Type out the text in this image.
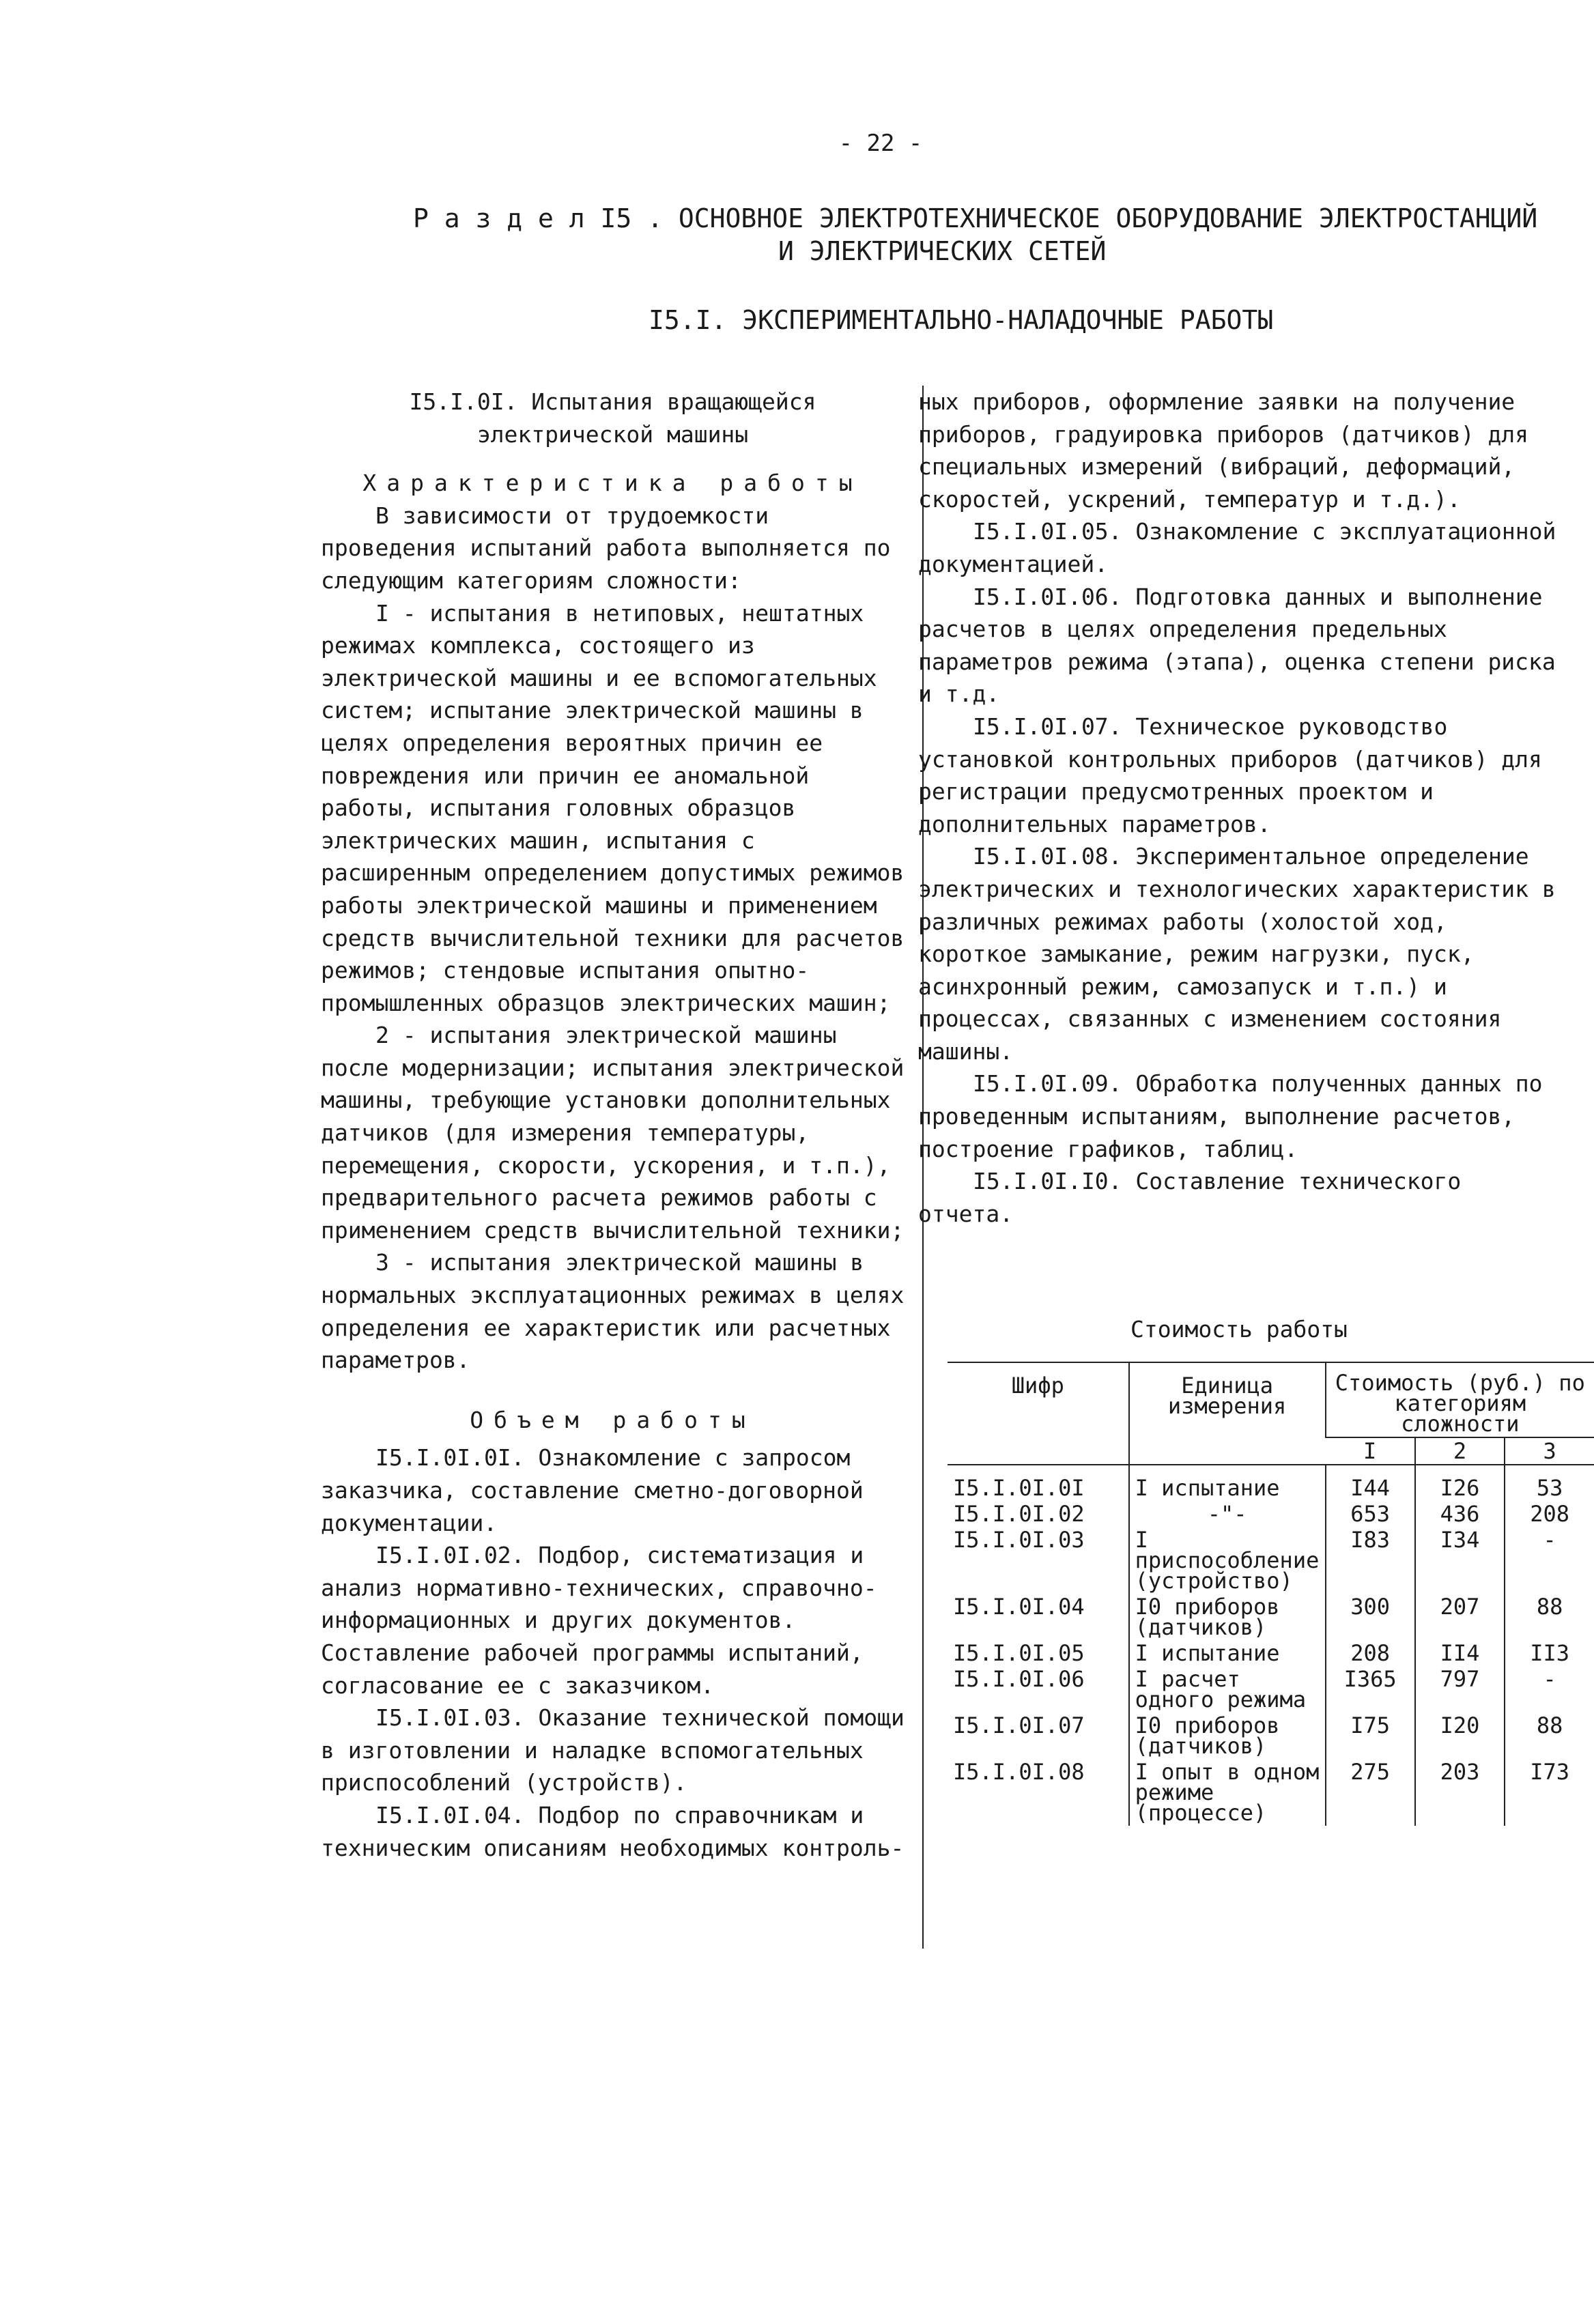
- 22 -
Р а з д е л I5 . ОСНОВНОЕ ЭЛЕКТРОТЕХНИЧЕСКОЕ ОБОРУДОВАНИЕ ЭЛЕКТРОСТАНЦИЙ
И ЭЛЕКТРИЧЕСКИХ СЕТЕЙ
I5.I. ЭКСПЕРИМЕНТАЛЬНО-НАЛАДОЧНЫЕ РАБОТЫ

I5.I.0I. Испытания вращающейся

электрической машины

Характеристика работы

В зависимости от трудоемкости проведения испытаний работа выполняется по следующим категориям сложности:

I - испытания в нетиповых, нештатных режимах комплекса, состоящего из электрической машины и ее вспомогательных систем; испытание электрической машины в целях определения вероятных причин ее повреждения или причин ее аномальной работы, испытания головных образцов электрических машин, испытания с расширенным определением допустимых режимов работы электрической машины и применением средств вычислительной техники для расчетов режимов; стендовые испытания опытно-промышленных образцов электрических машин;

2 - испытания электрической машины после модернизации; испытания электрической машины, требующие установки дополнительных датчиков (для измерения температуры, перемещения, скорости, ускорения, и т.п.), предварительного расчета режимов работы с применением средств вычислительной техники;

3 - испытания электрической машины в нормальных эксплуатационных режимах в целях определения ее характеристик или расчетных параметров.

Объем работы

I5.I.0I.0I. Ознакомление с запросом заказчика, составление сметно-договорной документации.

I5.I.0I.02. Подбор, систематизация и анализ нормативно-технических, справочно-информационных и других документов. Составление рабочей программы испытаний, согласование ее с заказчиком.

I5.I.0I.03. Оказание технической помощи в изготовлении и наладке вспомогательных приспособлений (устройств).

I5.I.0I.04. Подбор по справочникам и техническим описаниям необходимых контроль-

ных приборов, оформление заявки на получение приборов, градуировка приборов (датчиков) для специальных измерений (вибраций, деформаций, скоростей, ускрений, температур и т.д.).

I5.I.0I.05. Ознакомление с эксплуатационной документацией.

I5.I.0I.06. Подготовка данных и выполнение расчетов в целях определения предельных параметров режима (этапа), оценка степени риска и т.д.

I5.I.0I.07. Техническое руководство установкой контрольных приборов (датчиков) для регистрации предусмотренных проектом и дополнительных параметров.

I5.I.0I.08. Экспериментальное определение электрических и технологических характеристик в различных режимах работы (холостой ход, короткое замыкание, режим нагрузки, пуск, асинхронный режим, самозапуск и т.п.) и процессах, связанных с изменением состояния машины.

I5.I.0I.09. Обработка полученных данных по проведенным испытаниям, выполнение расчетов, построение графиков, таблиц.

I5.I.0I.I0. Составление технического отчета.

Стоимость работы
Шифр	Единица измерения	Стоимость (руб.) по категориям сложности		
		I	2	3
I5.I.0I.0I	I испытание	I44	I26	53
I5.I.0I.02	-"-	653	436	208
I5.I.0I.03	I приспособление (устройство)	I83	I34	-
I5.I.0I.04	I0 приборов (датчиков)	300	207	88
I5.I.0I.05	I испытание	208	II4	II3
I5.I.0I.06	I расчет одного режима	I365	797	-
I5.I.0I.07	I0 приборов (датчиков)	I75	I20	88
I5.I.0I.08	I опыт в одном режиме (процессе)	275	203	I73
